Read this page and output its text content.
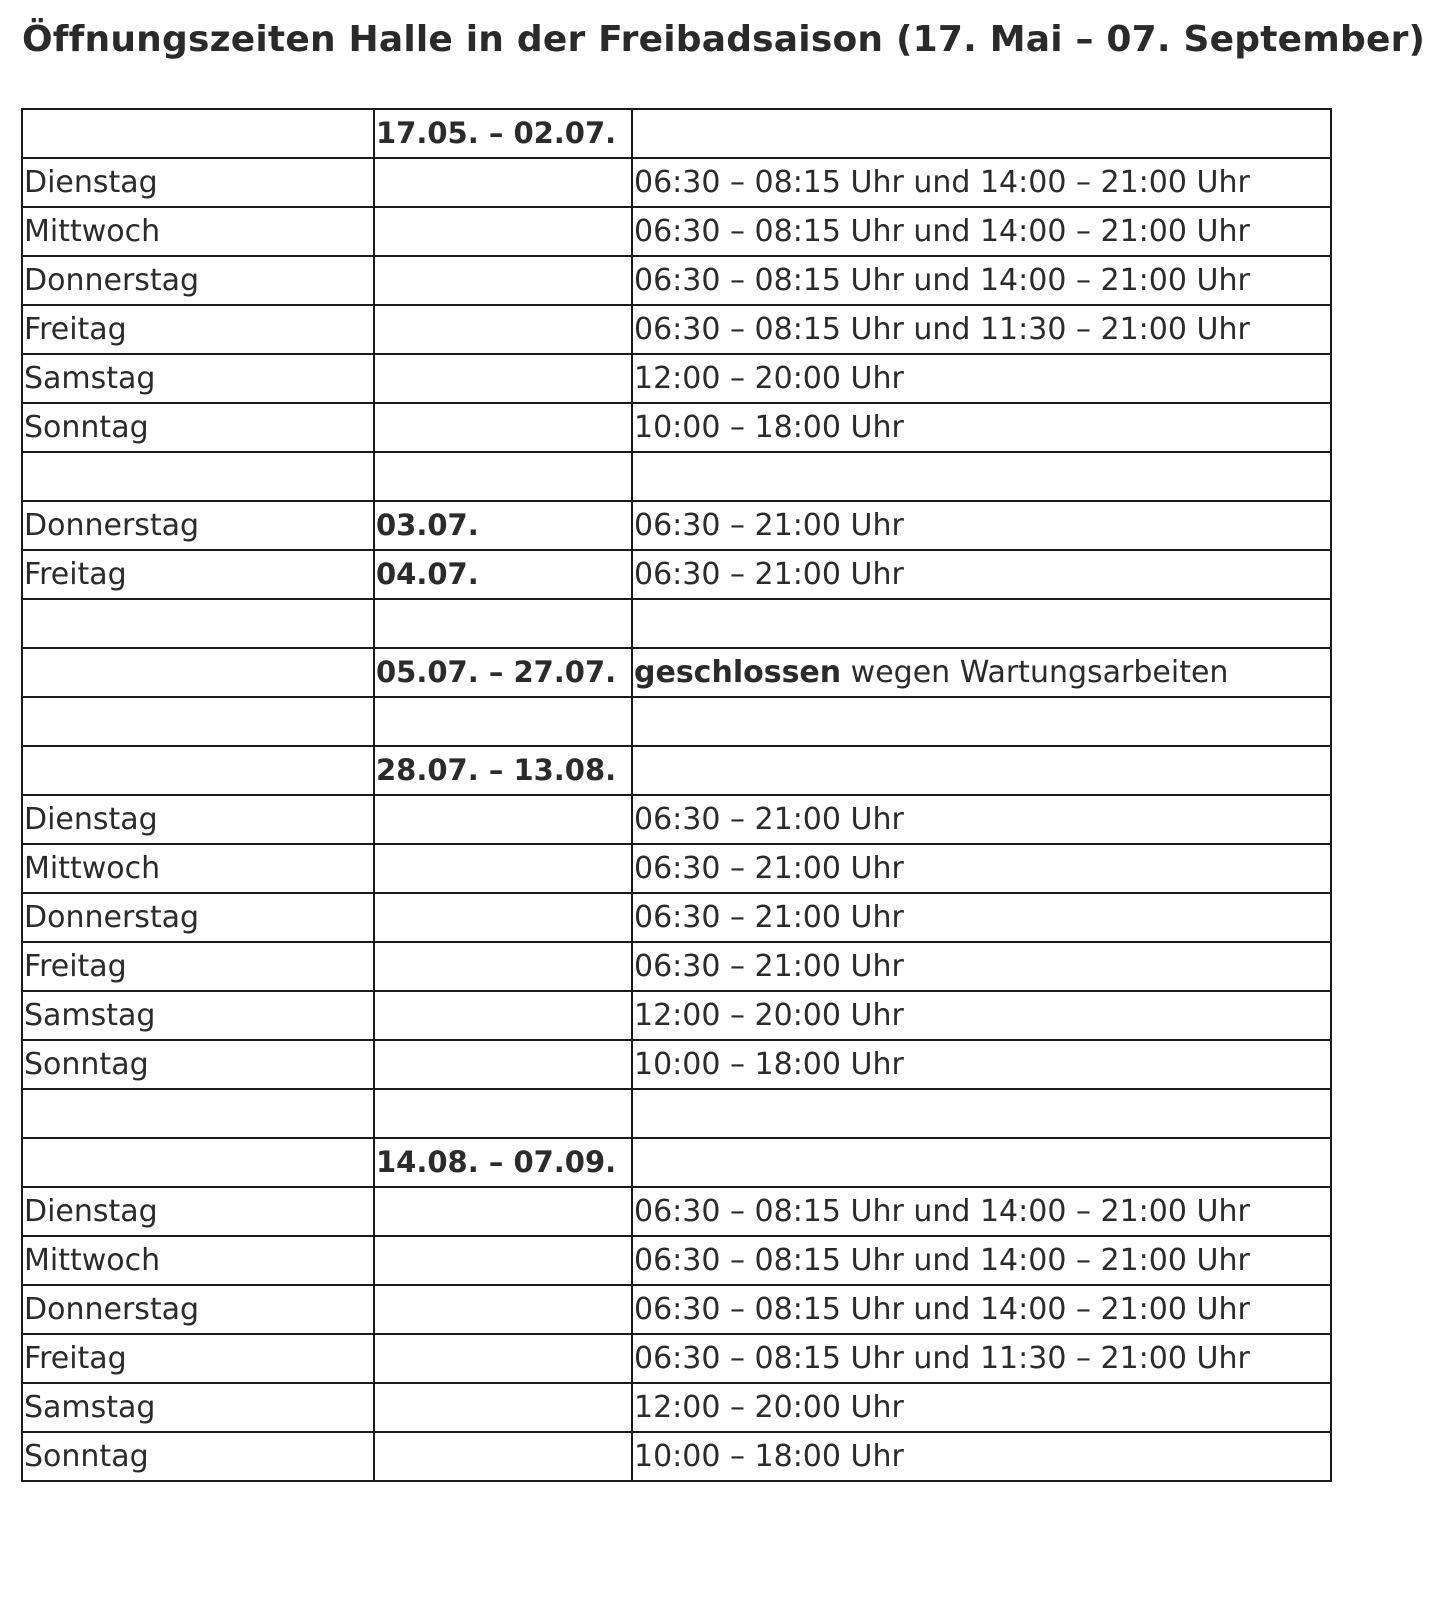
Öffnungszeiten Halle in der Freibadsaison (17. Mai – 07. September)
	17.05. – 02.07.	
Dienstag		06:30 – 08:15 Uhr und 14:00 – 21:00 Uhr
Mittwoch		06:30 – 08:15 Uhr und 14:00 – 21:00 Uhr
Donnerstag		06:30 – 08:15 Uhr und 14:00 – 21:00 Uhr
Freitag		06:30 – 08:15 Uhr und 11:30 – 21:00 Uhr
Samstag		12:00 – 20:00 Uhr
Sonntag		10:00 – 18:00 Uhr

Donnerstag	03.07.	06:30 – 21:00 Uhr
Freitag	04.07.	06:30 – 21:00 Uhr

	05.07. – 27.07.	geschlossen wegen Wartungsarbeiten

	28.07. – 13.08.	
Dienstag		06:30 – 21:00 Uhr
Mittwoch		06:30 – 21:00 Uhr
Donnerstag		06:30 – 21:00 Uhr
Freitag		06:30 – 21:00 Uhr
Samstag		12:00 – 20:00 Uhr
Sonntag		10:00 – 18:00 Uhr

	14.08. – 07.09.	
Dienstag		06:30 – 08:15 Uhr und 14:00 – 21:00 Uhr
Mittwoch		06:30 – 08:15 Uhr und 14:00 – 21:00 Uhr
Donnerstag		06:30 – 08:15 Uhr und 14:00 – 21:00 Uhr
Freitag		06:30 – 08:15 Uhr und 11:30 – 21:00 Uhr
Samstag		12:00 – 20:00 Uhr
Sonntag		10:00 – 18:00 Uhr
